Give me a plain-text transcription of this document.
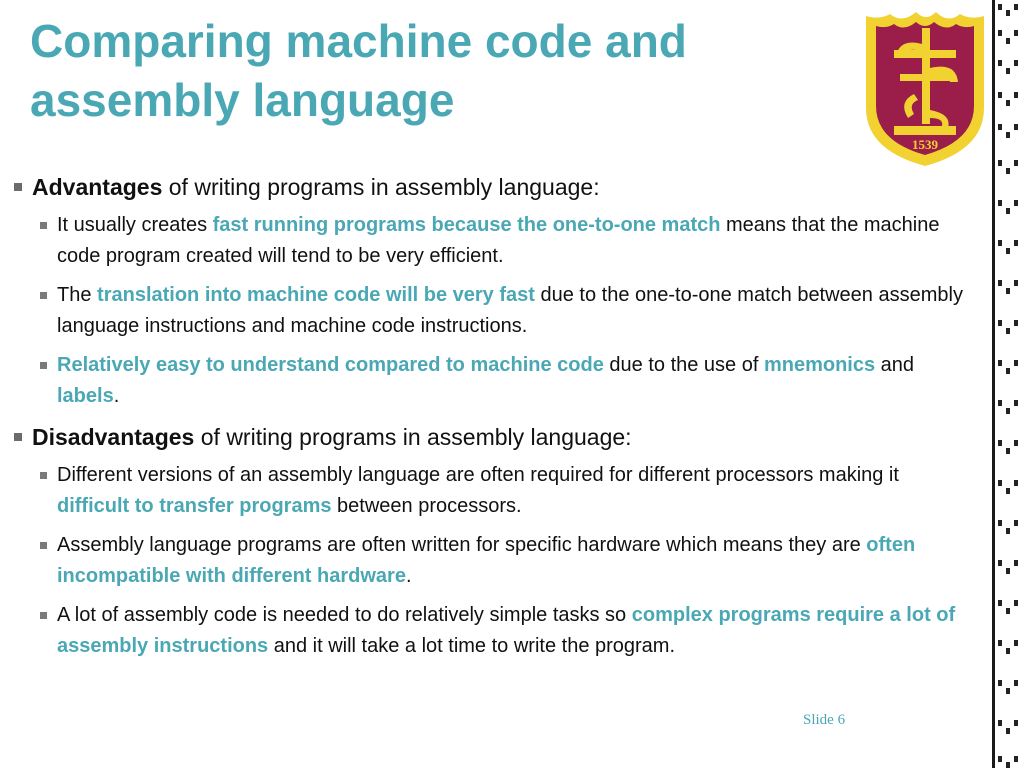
Comparing machine code and assembly language
1539

Advantages of writing programs in assembly language:

It usually creates fast running programs because the one-to-one match means that the machine code program created will tend to be very efficient.

The translation into machine code will be very fast due to the one-to-one match between assembly language instructions and machine code instructions.

Relatively easy to understand compared to machine code due to the use of mnemonics and labels.

Disadvantages of writing programs in assembly language:

Different versions of an assembly language are often required for different processors making it difficult to transfer programs between processors.

Assembly language programs are often written for specific hardware which means they are often incompatible with different hardware.

A lot of assembly code is needed to do relatively simple tasks so complex programs require a lot of assembly instructions and it will take a lot time to write the program.

Slide 6
